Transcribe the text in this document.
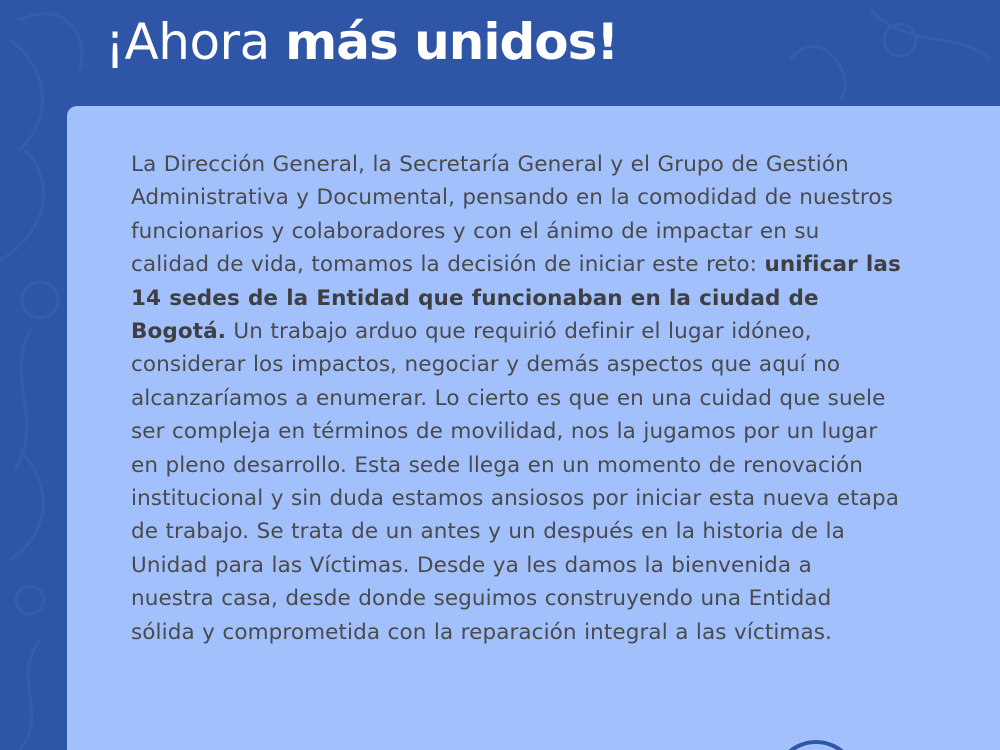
¡Ahora más unidos!

La Dirección General, la Secretaría General y el Grupo de Gestión Administrativa y Documental, pensando en la comodidad de nuestros funcionarios y colaboradores y con el ánimo de impactar en su calidad de vida, tomamos la decisión de iniciar este reto: unificar las 14 sedes de la Entidad que funcionaban en la ciudad de Bogotá. Un trabajo arduo que requirió definir el lugar idóneo, considerar los impactos, negociar y demás aspectos que aquí no alcanzaríamos a enumerar. Lo cierto es que en una cuidad que suele ser compleja en términos de movilidad, nos la jugamos por un lugar en pleno desarrollo. Esta sede llega en un momento de renovación institucional y sin duda estamos ansiosos por iniciar esta nueva etapa de trabajo. Se trata de un antes y un después en la historia de la Unidad para las Víctimas. Desde ya les damos la bienvenida a nuestra casa, desde donde seguimos construyendo una Entidad sólida y comprometida con la reparación integral a las víctimas.
